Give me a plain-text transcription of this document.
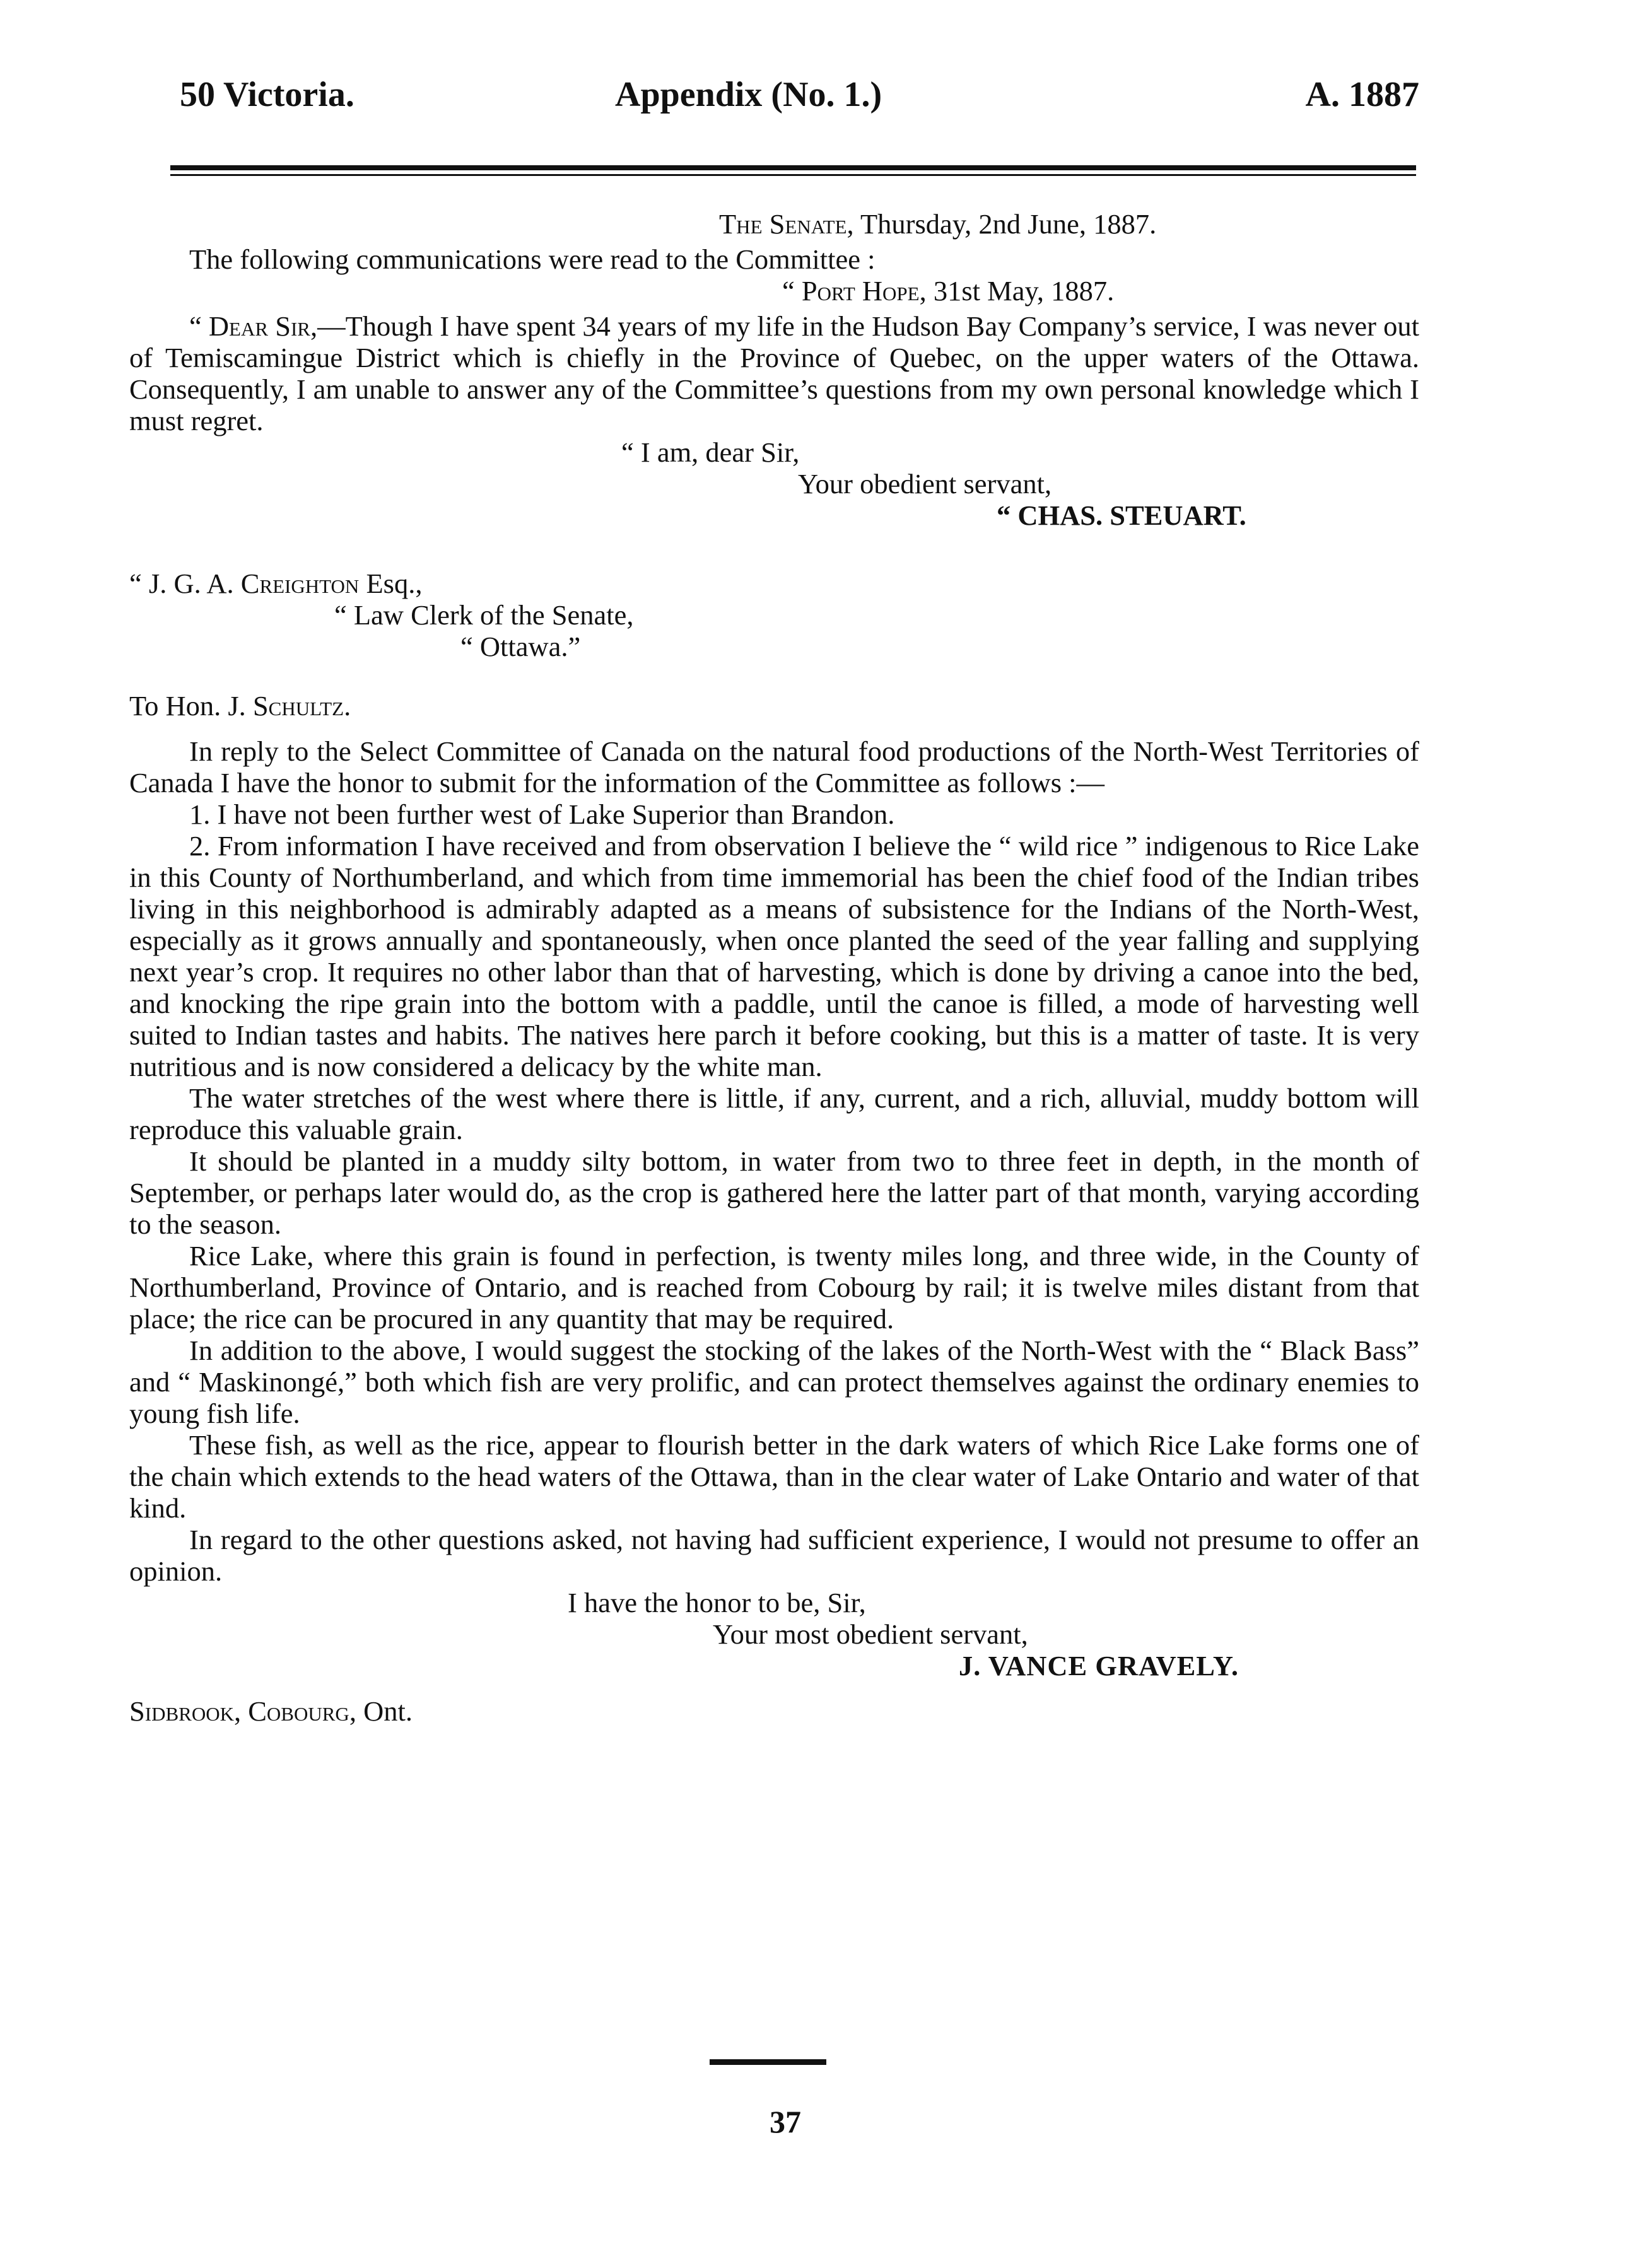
50 Victoria.	Appendix (No. 1.)	A. 1887

The Senate, Thursday, 2nd June, 1887.

The following communications were read to the Committee :

“ Port Hope, 31st May, 1887.

“ Dear Sir,—Though I have spent 34 years of my life in the Hudson Bay Company’s service, I was never out of Temiscamingue District which is chiefly in the Province of Quebec, on the upper waters of the Ottawa. Consequently, I am unable to answer any of the Committee’s questions from my own personal knowledge which I must regret.

“ I am, dear Sir,

Your obedient servant,

“ CHAS. STEUART.

“ J. G. A. Creighton Esq.,

“ Law Clerk of the Senate,

“ Ottawa.”

To Hon. J. Schultz.

In reply to the Select Committee of Canada on the natural food productions of the North-West Territories of Canada I have the honor to submit for the information of the Committee as follows :—

1. I have not been further west of Lake Superior than Brandon.

2. From information I have received and from observation I believe the “ wild rice ” indigenous to Rice Lake in this County of Northumberland, and which from time immemorial has been the chief food of the Indian tribes living in this neighborhood is admirably adapted as a means of subsistence for the Indians of the North-West, especially as it grows annually and spontaneously, when once planted the seed of the year falling and supplying next year’s crop. It requires no other labor than that of harvesting, which is done by driving a canoe into the bed, and knocking the ripe grain into the bottom with a paddle, until the canoe is filled, a mode of harvesting well suited to Indian tastes and habits. The natives here parch it before cooking, but this is a matter of taste. It is very nutritious and is now considered a delicacy by the white man.

The water stretches of the west where there is little, if any, current, and a rich, alluvial, muddy bottom will reproduce this valuable grain.

It should be planted in a muddy silty bottom, in water from two to three feet in depth, in the month of September, or perhaps later would do, as the crop is gathered here the latter part of that month, varying according to the season.

Rice Lake, where this grain is found in perfection, is twenty miles long, and three wide, in the County of Northumberland, Province of Ontario, and is reached from Cobourg by rail; it is twelve miles distant from that place; the rice can be procured in any quantity that may be required.

In addition to the above, I would suggest the stocking of the lakes of the North-West with the “ Black Bass” and “ Maskinongé,” both which fish are very prolific, and can protect themselves against the ordinary enemies to young fish life.

These fish, as well as the rice, appear to flourish better in the dark waters of which Rice Lake forms one of the chain which extends to the head waters of the Ottawa, than in the clear water of Lake Ontario and water of that kind.

In regard to the other questions asked, not having had sufficient experience, I would not presume to offer an opinion.

I have the honor to be, Sir,

Your most obedient servant,

J. VANCE GRAVELY.

Sidbrook, Cobourg, Ont.

37
